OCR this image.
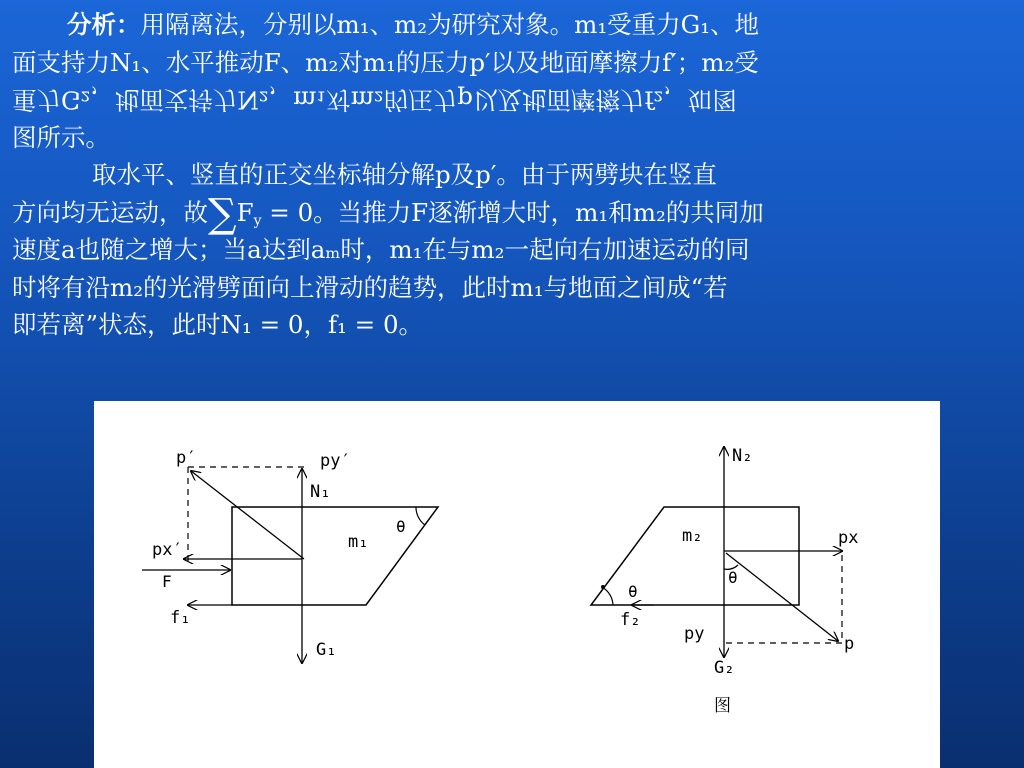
分析：用隔离法，分别以m₁、m₂为研究对象。m₁受重力G₁、地
面支持力N₁、水平推动F、m₂对m₁的压力p′以及地面摩擦力f′；m₂受
重力G₂，地面支持力N₂，m₁对m₂的压力p以及地面摩擦力f₂，如图
图所示。
取水平、竖直的正交坐标轴分解p及p′。由于两劈块在竖直
方向均无运动，故$\sum F_y = 0$。当推力F逐渐增大时，m₁和m₂的共同加
速度a也随之增大；当a达到aₘ时，m₁在与m₂一起向右加速运动的同
时将有沿m₂的光滑劈面向上滑动的趋势，此时m₁与地面之间成“若
即若离”状态，此时N₁ = 0，f₁ = 0。
p′	py′
N₁
m₁
θ
px′
F
f₁
G₁
N₂
m₂	px
θ
θ
f₂
py	p
G₂
图
